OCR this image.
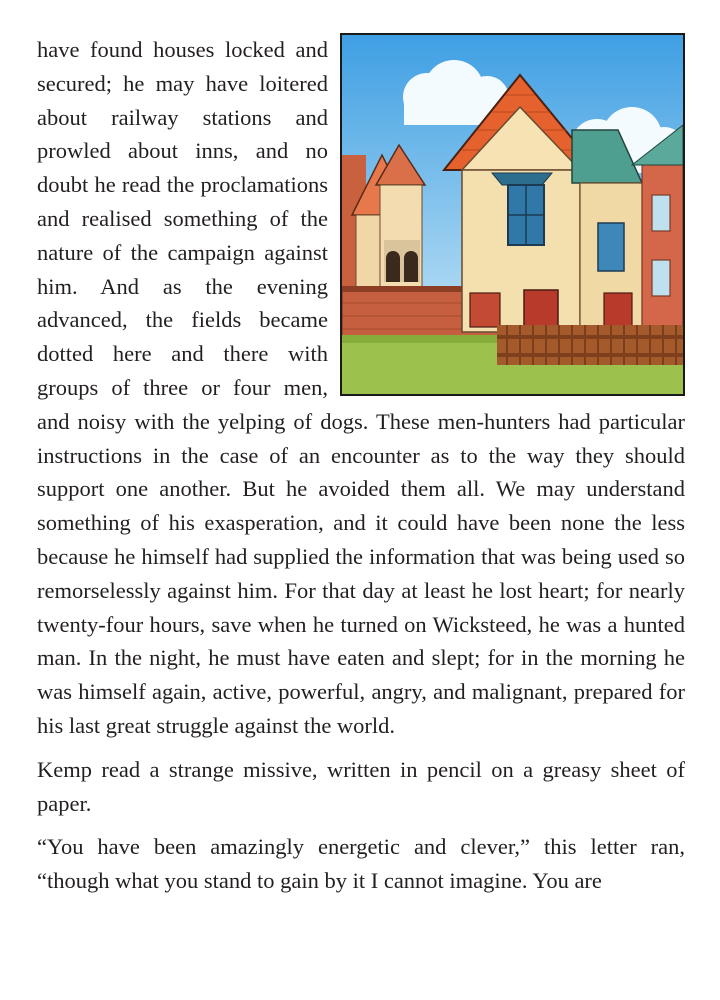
have found houses locked and secured; he may have loitered about railway stations and prowled about inns, and no doubt he read the proclamations and realised something of the nature of the campaign against him. And as the evening advanced, the fields became dotted here and there with groups of three or four men, and noisy with the yelping of dogs. These men-hunters had particular instructions in the case of an encounter as to the way they should support one another. But he avoided them all. We may understand something of his exasperation, and it could have been none the less because he himself had supplied the information that was being used so remorselessly against him. For that day at least he lost heart; for nearly twenty-four hours, save when he turned on Wicksteed, he was a hunted man. In the night, he must have eaten and slept; for in the morning he was himself again, active, powerful, angry, and malignant, prepared for his last great struggle against the world.

Kemp read a strange missive, written in pencil on a greasy sheet of paper.

“You have been amazingly energetic and clever,” this letter ran, “though what you stand to gain by it I cannot imagine. You are
